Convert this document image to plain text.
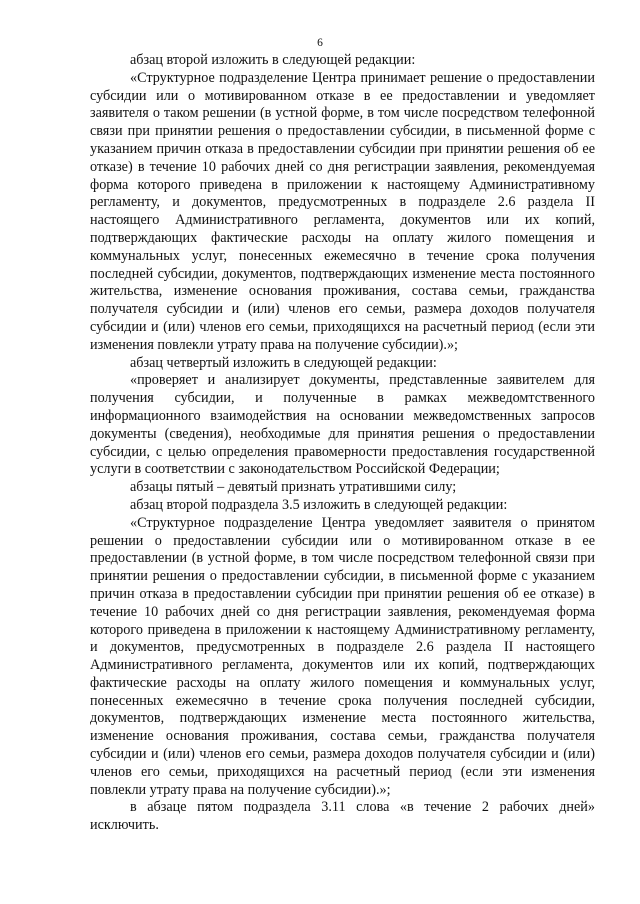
6

абзац второй изложить в следующей редакции:

«Структурное подразделение Центра принимает решение о предоставлении субсидии или о мотивированном отказе в ее предоставлении и уведомляет заявителя о таком решении (в устной форме, в том числе посредством телефонной связи при принятии решения о предоставлении субсидии, в письменной форме с указанием причин отказа в предоставлении субсидии при принятии решения об ее отказе) в течение 10 рабочих дней со дня регистрации заявления, рекомендуемая форма которого приведена в приложении к настоящему Административному регламенту, и документов, предусмотренных в подразделе 2.6 раздела II настоящего Административного регламента, документов или их копий, подтверждающих фактические расходы на оплату жилого помещения и коммунальных услуг, понесенных ежемесячно в течение срока получения последней субсидии, документов, подтверждающих изменение места постоянного жительства, изменение основания проживания, состава семьи, гражданства получателя субсидии и (или) членов его семьи, размера доходов получателя субсидии и (или) членов его семьи, приходящихся на расчетный период (если эти изменения повлекли утрату права на получение субсидии).»;

абзац четвертый изложить в следующей редакции:

«проверяет и анализирует документы, представленные заявителем для получения субсидии, и полученные в рамках межведомтственного информационного взаимодействия на основании межведомственных запросов документы (сведения), необходимые для принятия решения о предоставлении субсидии, с целью определения правомерности предоставления государственной услуги в соответствии с законодательством Российской Федерации;

абзацы пятый – девятый признать утратившими силу;

абзац второй подраздела 3.5 изложить в следующей редакции:

«Структурное подразделение Центра уведомляет заявителя о принятом решении о предоставлении субсидии или о мотивированном отказе в ее предоставлении (в устной форме, в том числе посредством телефонной связи при принятии решения о предоставлении субсидии, в письменной форме с указанием причин отказа в предоставлении субсидии при принятии решения об ее отказе) в течение 10 рабочих дней со дня регистрации заявления, рекомендуемая форма которого приведена в приложении к настоящему Административному регламенту, и документов, предусмотренных в подразделе 2.6 раздела II настоящего Административного регламента, документов или их копий, подтверждающих фактические расходы на оплату жилого помещения и коммунальных услуг, понесенных ежемесячно в течение срока получения последней субсидии, документов, подтверждающих изменение места постоянного жительства, изменение основания проживания, состава семьи, гражданства получателя субсидии и (или) членов его семьи, размера доходов получателя субсидии и (или) членов его семьи, приходящихся на расчетный период (если эти изменения повлекли утрату права на получение субсидии).»;

в абзаце пятом подраздела 3.11 слова «в течение 2 рабочих дней» исключить.
